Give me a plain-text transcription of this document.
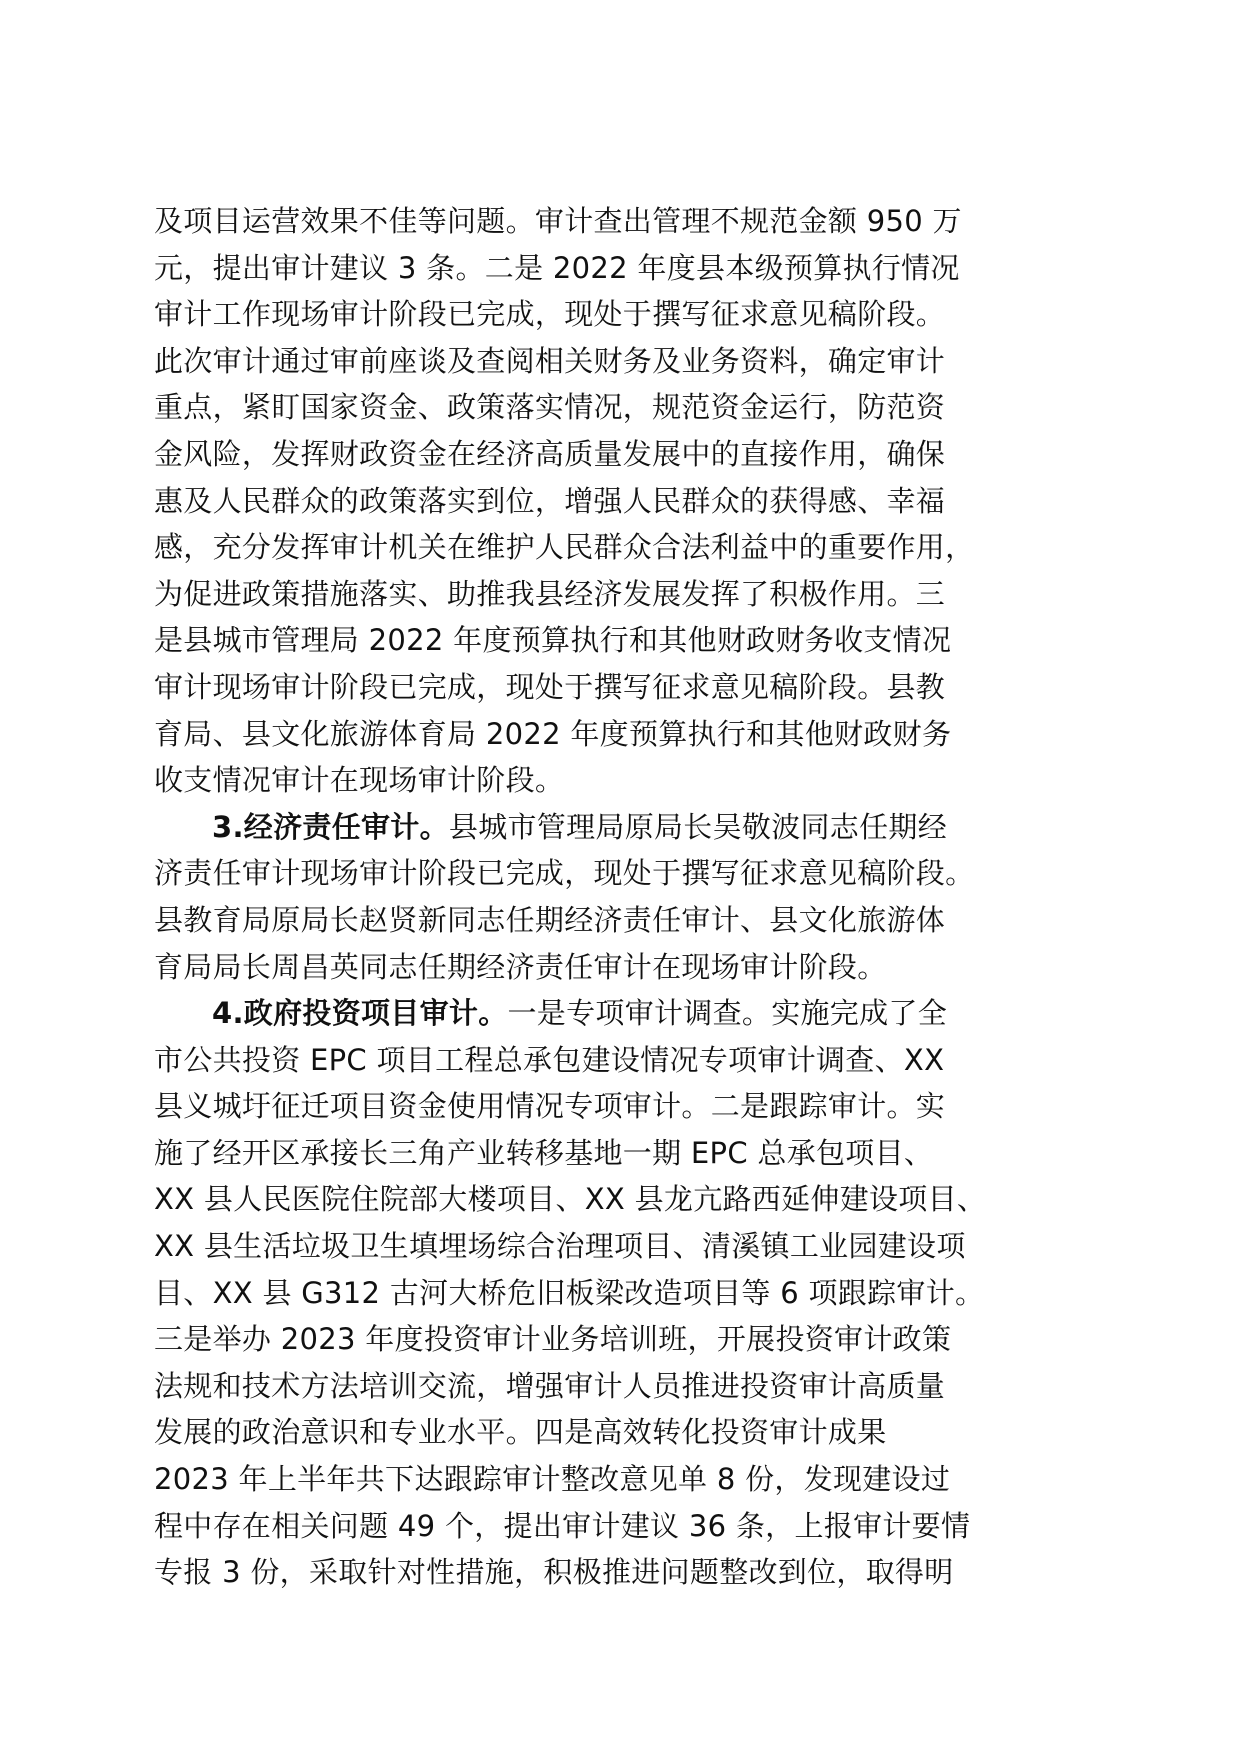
及项目运营效果不佳等问题。审计查出管理不规范金额 950 万
元，提出审计建议 3 条。二是 2022 年度县本级预算执行情况
审计工作现场审计阶段已完成，现处于撰写征求意见稿阶段。
此次审计通过审前座谈及查阅相关财务及业务资料，确定审计
重点，紧盯国家资金、政策落实情况，规范资金运行，防范资
金风险，发挥财政资金在经济高质量发展中的直接作用，确保
惠及人民群众的政策落实到位，增强人民群众的获得感、幸福
感，充分发挥审计机关在维护人民群众合法利益中的重要作用，
为促进政策措施落实、助推我县经济发展发挥了积极作用。三
是县城市管理局 2022 年度预算执行和其他财政财务收支情况
审计现场审计阶段已完成，现处于撰写征求意见稿阶段。县教
育局、县文化旅游体育局 2022 年度预算执行和其他财政财务
收支情况审计在现场审计阶段。
3.经济责任审计。县城市管理局原局长吴敬波同志任期经
济责任审计现场审计阶段已完成，现处于撰写征求意见稿阶段。
县教育局原局长赵贤新同志任期经济责任审计、县文化旅游体
育局局长周昌英同志任期经济责任审计在现场审计阶段。
4.政府投资项目审计。一是专项审计调查。实施完成了全
市公共投资 EPC 项目工程总承包建设情况专项审计调查、XX
县义城圩征迁项目资金使用情况专项审计。二是跟踪审计。实
施了经开区承接长三角产业转移基地一期 EPC 总承包项目、
XX 县人民医院住院部大楼项目、XX 县龙亢路西延伸建设项目、
XX 县生活垃圾卫生填埋场综合治理项目、清溪镇工业园建设项
目、XX 县 G312 古河大桥危旧板梁改造项目等 6 项跟踪审计。
三是举办 2023 年度投资审计业务培训班，开展投资审计政策
法规和技术方法培训交流，增强审计人员推进投资审计高质量
发展的政治意识和专业水平。四是高效转化投资审计成果
2023 年上半年共下达跟踪审计整改意见单 8 份，发现建设过
程中存在相关问题 49 个，提出审计建议 36 条，上报审计要情
专报 3 份，采取针对性措施，积极推进问题整改到位，取得明
